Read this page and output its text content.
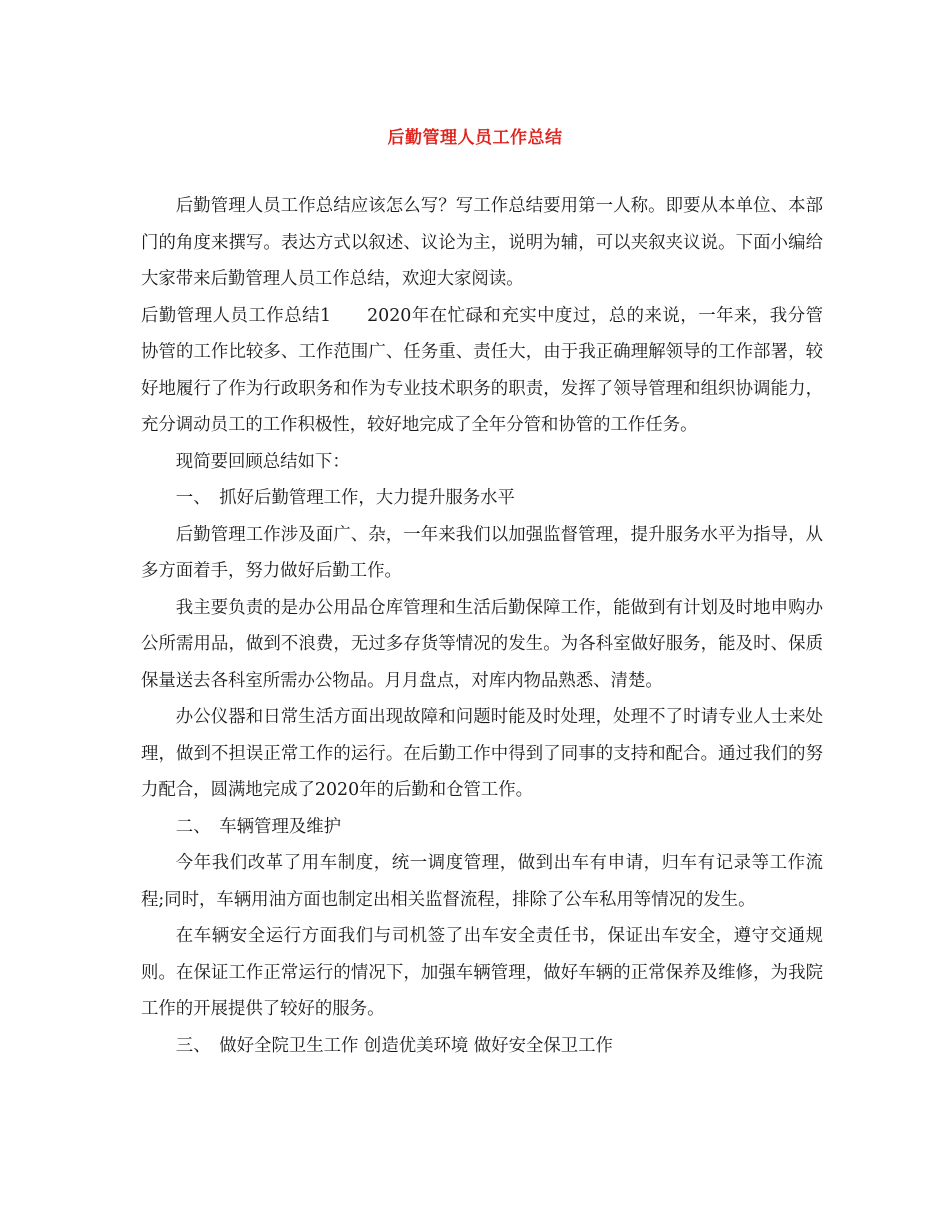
后勤管理人员工作总结

后勤管理人员工作总结应该怎么写？写工作总结要用第一人称。即要从本单位、本部门的角度来撰写。表达方式以叙述、议论为主，说明为辅，可以夹叙夹议说。下面小编给大家带来后勤管理人员工作总结，欢迎大家阅读。

后勤管理人员工作总结1 2020年在忙碌和充实中度过，总的来说，一年来，我分管协管的工作比较多、工作范围广、任务重、责任大，由于我正确理解领导的工作部署，较好地履行了作为行政职务和作为专业技术职务的职责，发挥了领导管理和组织协调能力，充分调动员工的工作积极性，较好地完成了全年分管和协管的工作任务。

现简要回顾总结如下：

一、　抓好后勤管理工作，大力提升服务水平

后勤管理工作涉及面广、杂，一年来我们以加强监督管理，提升服务水平为指导，从多方面着手，努力做好后勤工作。

我主要负责的是办公用品仓库管理和生活后勤保障工作，能做到有计划及时地申购办公所需用品，做到不浪费，无过多存货等情况的发生。为各科室做好服务，能及时、保质保量送去各科室所需办公物品。月月盘点，对库内物品熟悉、清楚。

办公仪器和日常生活方面出现故障和问题时能及时处理，处理不了时请专业人士来处理，做到不担误正常工作的运行。在后勤工作中得到了同事的支持和配合。通过我们的努力配合，圆满地完成了2020年的后勤和仓管工作。

二、　车辆管理及维护

今年我们改革了用车制度，统一调度管理，做到出车有申请，归车有记录等工作流程;同时，车辆用油方面也制定出相关监督流程，排除了公车私用等情况的发生。

在车辆安全运行方面我们与司机签了出车安全责任书，保证出车安全，遵守交通规则。在保证工作正常运行的情况下，加强车辆管理，做好车辆的正常保养及维修，为我院工作的开展提供了较好的服务。

三、　做好全院卫生工作 创造优美环境 做好安全保卫工作
